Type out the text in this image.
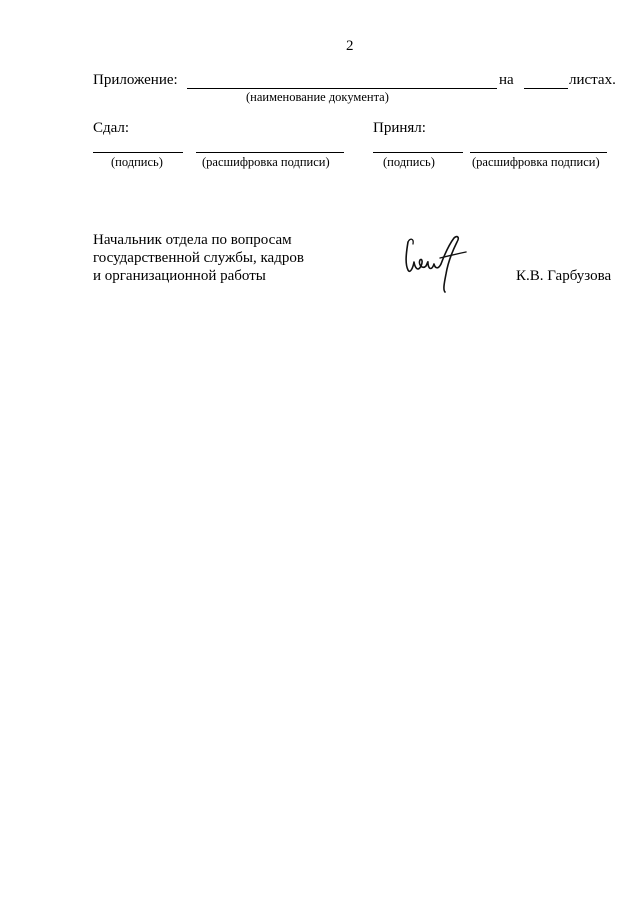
2
Приложение:	на	листах.
(наименование документа)
Сдал:
(подпись)	(расшифровка подписи)
Принял:
(подпись)	(расшифровка подписи)
Начальник отдела по вопросам
государственной службы, кадров
и организационной работы	К.В. Гарбузова
